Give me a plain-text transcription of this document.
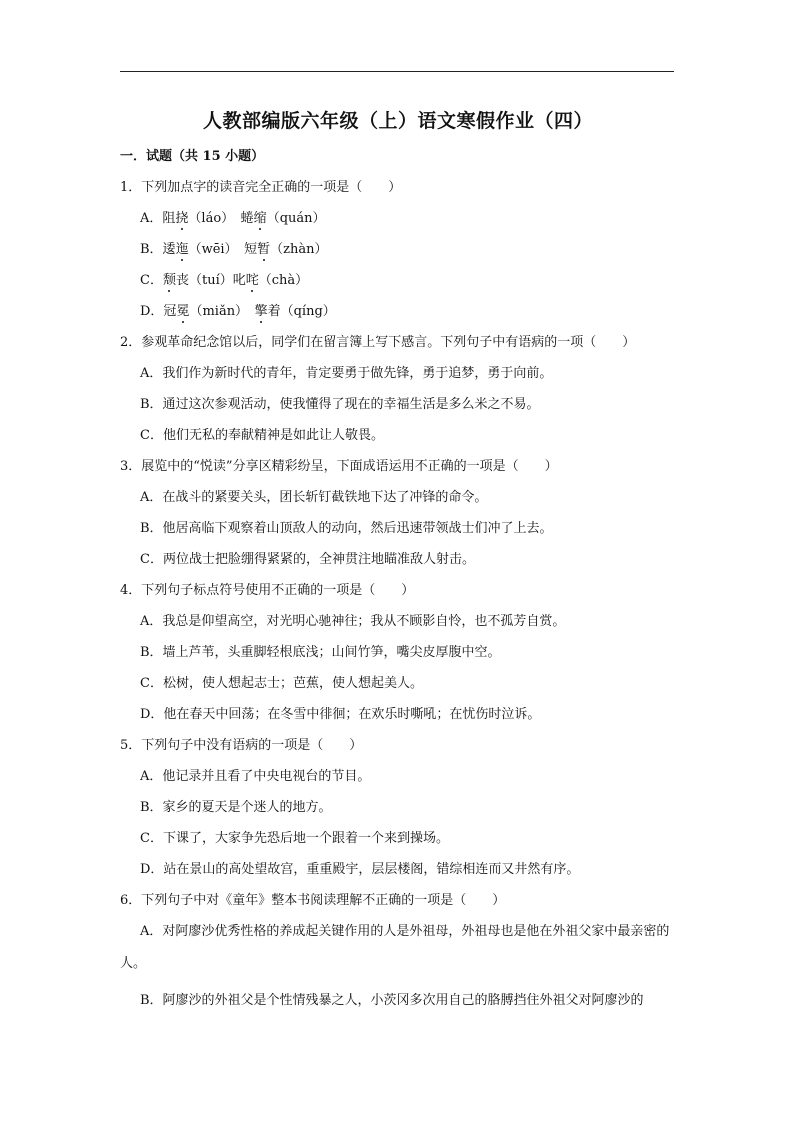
人教部编版六年级（上）语文寒假作业（四）
一．试题（共 15 小题）
1．下列加点字的读音完全正确的一项是（　　）
A．阻挠（láo）　蜷缩（quán）
B．逶迤（wēi）　短暂（zhàn）
C．颓丧（tuí）叱咤（chà）
D．冠冕（miǎn）　 擎着（qíng）
2．参观革命纪念馆以后，同学们在留言簿上写下感言。下列句子中有语病的一项（　　）
A．我们作为新时代的青年，肯定要勇于做先锋，勇于追梦，勇于向前。
B．通过这次参观活动，使我懂得了现在的幸福生活是多么米之不易。
C．他们无私的奉献精神是如此让人敬畏。
3．展览中的“悦读”分享区精彩纷呈，下面成语运用不正确的一项是（　　）
A．在战斗的紧要关头，团长斩钉截铁地下达了冲锋的命令。
B．他居高临下观察着山顶敌人的动向，然后迅速带领战士们冲了上去。
C．两位战士把脸绷得紧紧的，全神贯注地瞄准敌人射击。
4．下列句子标点符号使用不正确的一项是（　　）
A．我总是仰望高空，对光明心驰神往；我从不顾影自怜，也不孤芳自赏。
B．墙上芦苇，头重脚轻根底浅；山间竹笋，嘴尖皮厚腹中空。
C．松树，使人想起志士；芭蕉，使人想起美人。
D．他在春天中回荡；在冬雪中徘徊；在欢乐时嘶吼；在忧伤时泣诉。
5．下列句子中没有语病的一项是（　　）
A．他记录并且看了中央电视台的节目。
B．家乡的夏天是个迷人的地方。
C．下课了，大家争先恐后地一个跟着一个来到操场。
D．站在景山的高处望故宫，重重殿宇，层层楼阁，错综相连而又井然有序。
6．下列句子中对《童年》整本书阅读理解不正确的一项是（　　）
A．对阿廖沙优秀性格的养成起关键作用的人是外祖母，外祖母也是他在外祖父家中最亲密的人。
B．阿廖沙的外祖父是个性情残暴之人，小茨冈多次用自己的胳膊挡住外祖父对阿廖沙的
